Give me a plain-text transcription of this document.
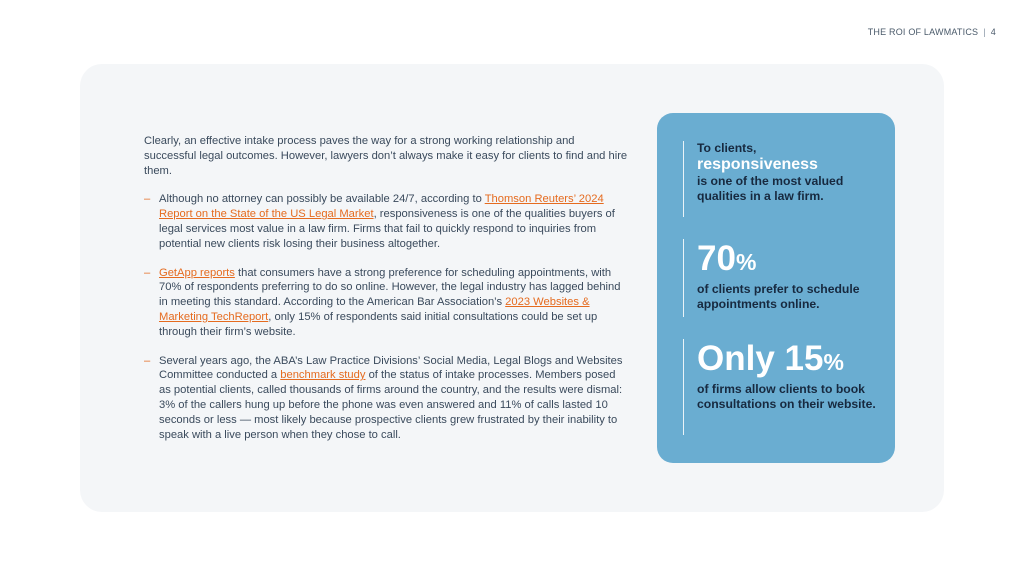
THE ROI OF LAWMATICS | 4

Clearly, an effective intake process paves the way for a strong working relationship and successful legal outcomes. However, lawyers don’t always make it easy for clients to find and hire them.

– Although no attorney can possibly be available 24/7, according to Thomson Reuters’ 2024 Report on the State of the US Legal Market, responsiveness is one of the qualities buyers of legal services most value in a law firm. Firms that fail to quickly respond to inquiries from potential new clients risk losing their business altogether.
– GetApp reports that consumers have a strong preference for scheduling appointments, with 70% of respondents preferring to do so online. However, the legal industry has lagged behind in meeting this standard. According to the American Bar Association’s 2023 Websites & Marketing TechReport, only 15% of respondents said initial consultations could be set up through their firm’s website.
– Several years ago, the ABA’s Law Practice Divisions’ Social Media, Legal Blogs and Websites Committee conducted a benchmark study of the status of intake processes. Members posed as potential clients, called thousands of firms around the country, and the results were dismal: 3% of the callers hung up before the phone was even answered and 11% of calls lasted 10 seconds or less — most likely because prospective clients grew frustrated by their inability to speak with a live person when they chose to call.
To clients,
responsiveness
is one of the most valued qualities in a law firm.
70%
of clients prefer to schedule appointments online.
Only 15%
of firms allow clients to book consultations on their website.
